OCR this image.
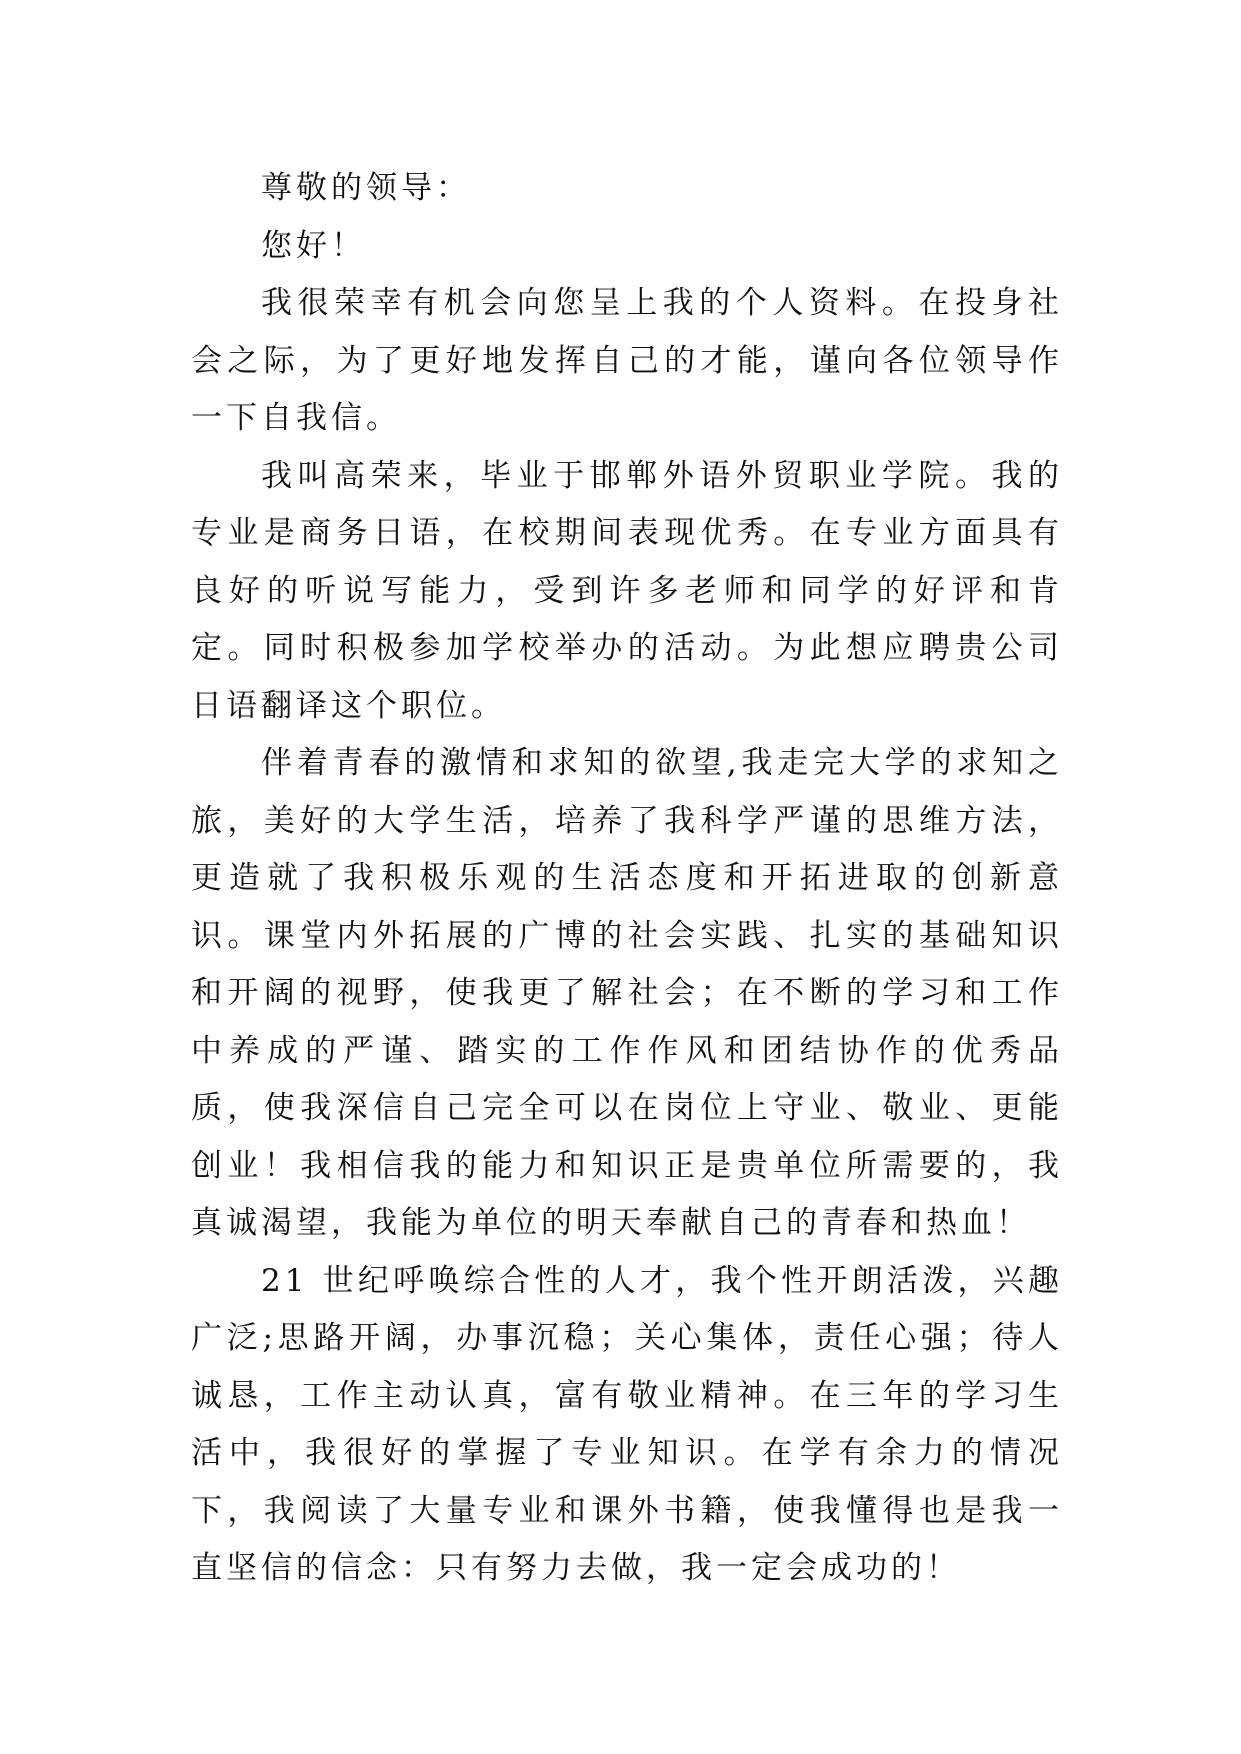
尊敬的领导：

您好！

我很荣幸有机会向您呈上我的个人资料。在投身社会之际，为了更好地发挥自己的才能，谨向各位领导作一下自我信。

我叫高荣来，毕业于邯郸外语外贸职业学院。我的专业是商务日语，在校期间表现优秀。在专业方面具有良好的听说写能力，受到许多老师和同学的好评和肯定。同时积极参加学校举办的活动。为此想应聘贵公司日语翻译这个职位。

伴着青春的激情和求知的欲望,我走完大学的求知之旅，美好的大学生活，培养了我科学严谨的思维方法，更造就了我积极乐观的生活态度和开拓进取的创新意识。课堂内外拓展的广博的社会实践、扎实的基础知识和开阔的视野，使我更了解社会；在不断的学习和工作中养成的严谨、踏实的工作作风和团结协作的优秀品质，使我深信自己完全可以在岗位上守业、敬业、更能创业！我相信我的能力和知识正是贵单位所需要的，我真诚渴望，我能为单位的明天奉献自己的青春和热血！

21 世纪呼唤综合性的人才，我个性开朗活泼，兴趣广泛;思路开阔，办事沉稳；关心集体，责任心强；待人诚恳，工作主动认真，富有敬业精神。在三年的学习生活中，我很好的掌握了专业知识。在学有余力的情况下，我阅读了大量专业和课外书籍，使我懂得也是我一直坚信的信念：只有努力去做，我一定会成功的！
